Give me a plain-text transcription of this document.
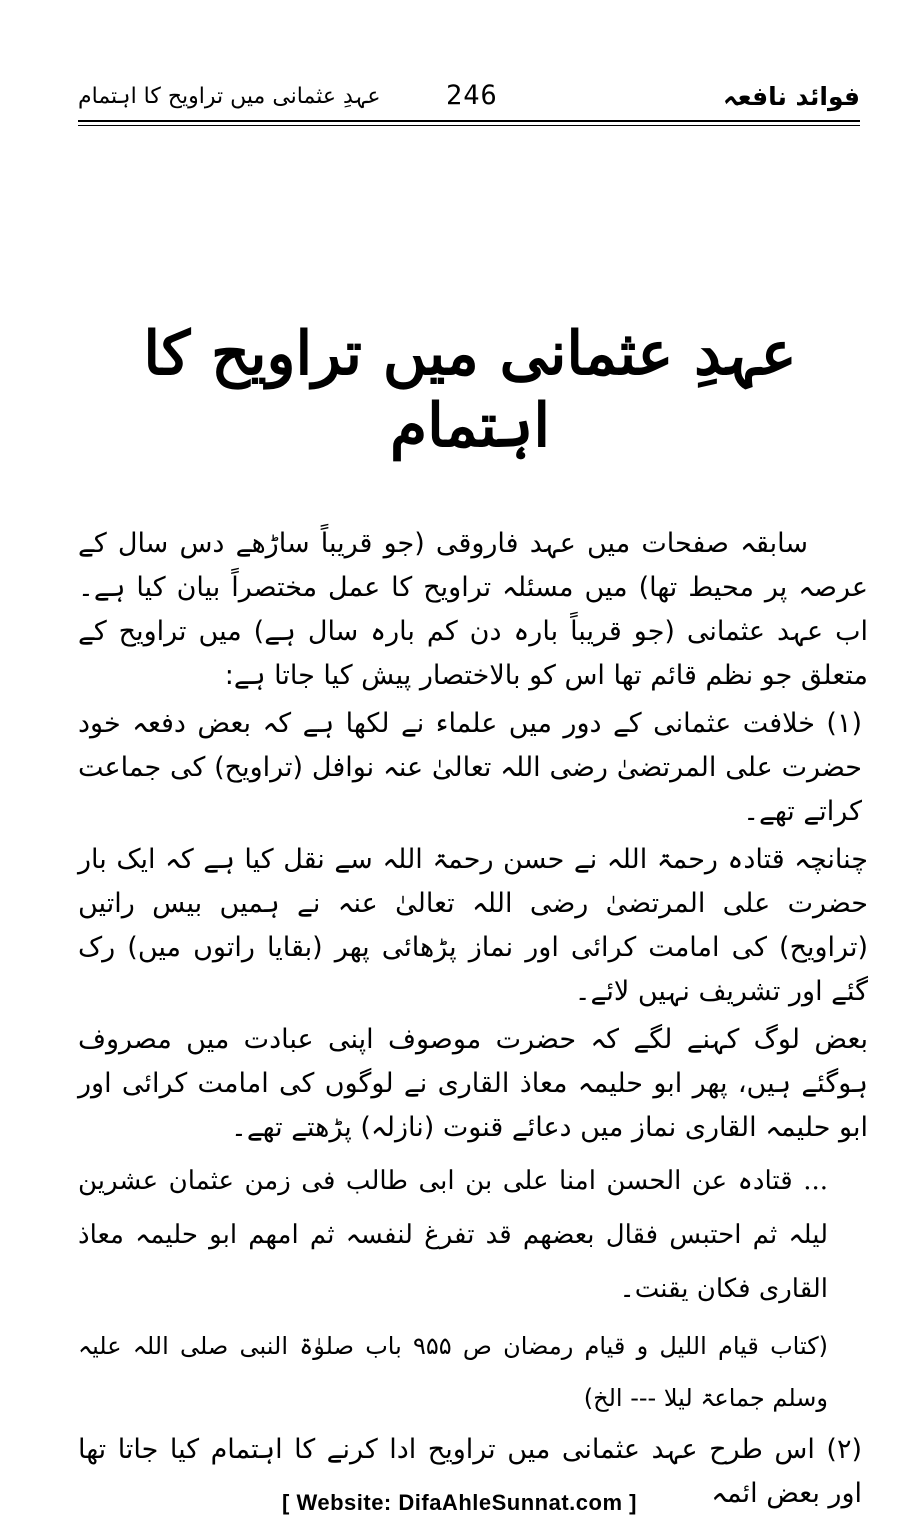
فوائد نافعہ
246
عہدِ عثمانی میں تراویح کا اہتمام
عہدِ عثمانی میں تراویح کا اہتمام

سابقہ صفحات میں عہد فاروقی (جو قریباً ساڑھے دس سال کے عرصہ پر محیط تھا) میں مسئلہ تراویح کا عمل مختصراً بیان کیا ہے۔ اب عہد عثمانی (جو قریباً بارہ دن کم بارہ سال ہے) میں تراویح کے متعلق جو نظم قائم تھا اس کو بالاختصار پیش کیا جاتا ہے:

(۱) خلافت عثمانی کے دور میں علماء نے لکھا ہے کہ بعض دفعہ خود حضرت علی المرتضیٰ رضی اللہ تعالیٰ عنہ نوافل (تراویح) کی جماعت کراتے تھے۔

چنانچہ قتادہ رحمۃ اللہ نے حسن رحمۃ اللہ سے نقل کیا ہے کہ ایک بار حضرت علی المرتضیٰ رضی اللہ تعالیٰ عنہ نے ہمیں بیس راتیں (تراویح) کی امامت کرائی اور نماز پڑھائی پھر (بقایا راتوں میں) رک گئے اور تشریف نہیں لائے۔

بعض لوگ کہنے لگے کہ حضرت موصوف اپنی عبادت میں مصروف ہوگئے ہیں، پھر ابو حلیمہ معاذ القاری نے لوگوں کی امامت کرائی اور ابو حلیمہ القاری نماز میں دعائے قنوت (نازلہ) پڑھتے تھے۔

... قتادہ عن الحسن امنا علی بن ابی طالب فی زمن عثمان عشرین لیلہ ثم احتبس فقال بعضھم قد تفرغ لنفسہ ثم امھم ابو حلیمہ معاذ القاری فکان یقنت۔

(کتاب قیام اللیل و قیام رمضان ص ۹۵۵ باب صلوٰۃ النبی صلی اللہ علیہ وسلم جماعۃ لیلا --- الخ)

(۲) اس طرح عہد عثمانی میں تراویح ادا کرنے کا اہتمام کیا جاتا تھا اور بعض ائمہ

[ Website: DifaAhleSunnat.com ]
